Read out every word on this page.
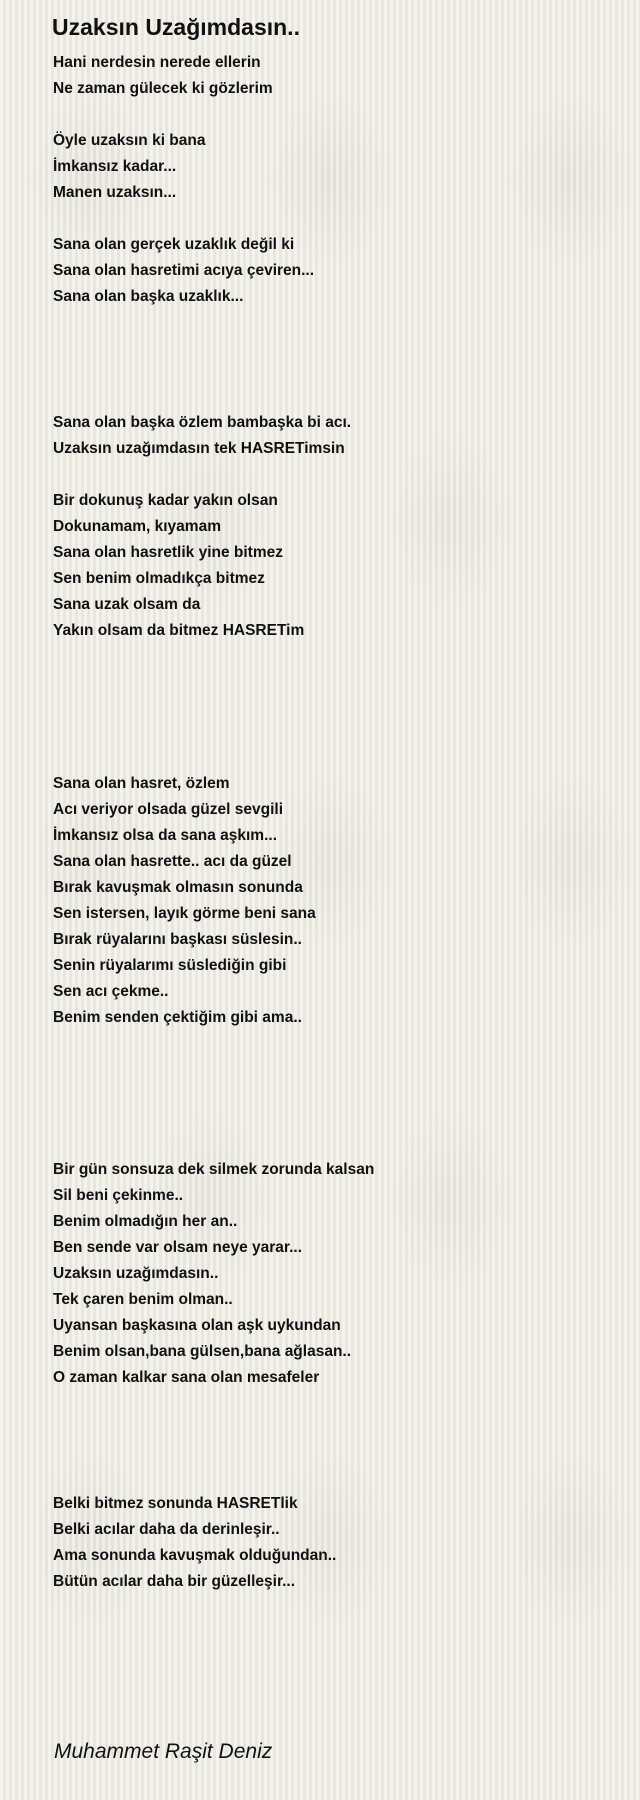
Uzaksın Uzağımdasın..
Hani nerdesin nerede ellerin
Ne zaman gülecek ki gözlerim
Öyle uzaksın ki bana
İmkansız kadar...
Manen uzaksın...
Sana olan gerçek uzaklık değil ki
Sana olan hasretimi acıya çeviren...
Sana olan başka uzaklık...
Sana olan başka özlem bambaşka bi acı.
Uzaksın uzağımdasın tek HASRETimsin
Bir dokunuş kadar yakın olsan
Dokunamam, kıyamam
Sana olan hasretlik yine bitmez
Sen benim olmadıkça bitmez
Sana uzak olsam da
Yakın olsam da bitmez HASRETim
Sana olan hasret, özlem
Acı veriyor olsada güzel sevgili
İmkansız olsa da sana aşkım...
Sana olan hasrette.. acı da güzel
Bırak kavuşmak olmasın sonunda
Sen istersen, layık görme beni sana
Bırak rüyalarını başkası süslesin..
Senin rüyalarımı süslediğin gibi
Sen acı çekme..
Benim senden çektiğim gibi ama..
Bir gün sonsuza dek silmek zorunda kalsan
Sil beni çekinme..
Benim olmadığın her an..
Ben sende var olsam neye yarar...
Uzaksın uzağımdasın..
Tek çaren benim olman..
Uyansan başkasına olan aşk uykundan
Benim olsan,bana gülsen,bana ağlasan..
O zaman kalkar sana olan mesafeler
Belki bitmez sonunda HASRETlik
Belki acılar daha da derinleşir..
Ama sonunda kavuşmak olduğundan..
Bütün acılar daha bir güzelleşir...

Muhammet Raşit Deniz
